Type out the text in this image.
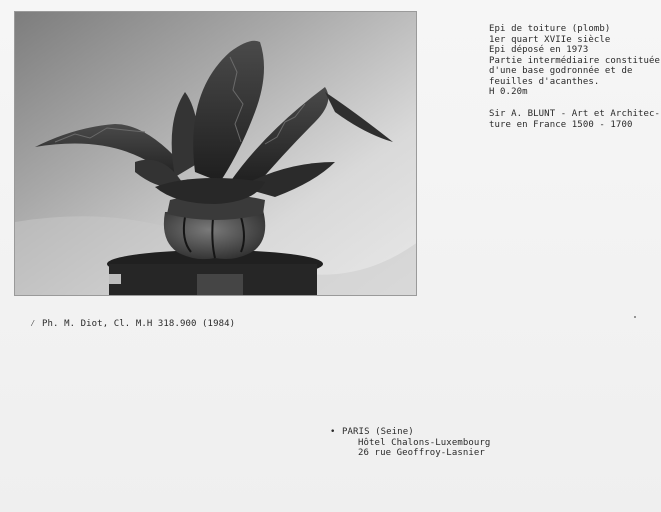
Epi de toiture (plomb)
1er quart XVIIe siècle
Epi déposé en 1973
Partie intermédiaire constituée
d'une base godronnée et de
feuilles d'acanthes.
H 0.20m
Sir A. BLUNT - Art et Architec-
ture en France 1500 - 1700
⁄ Ph. M. Diot, Cl. M.H 318.900 (1984)
• PARIS (Seine)
Hôtel Chalons-Luxembourg
26 rue Geoffroy-Lasnier
